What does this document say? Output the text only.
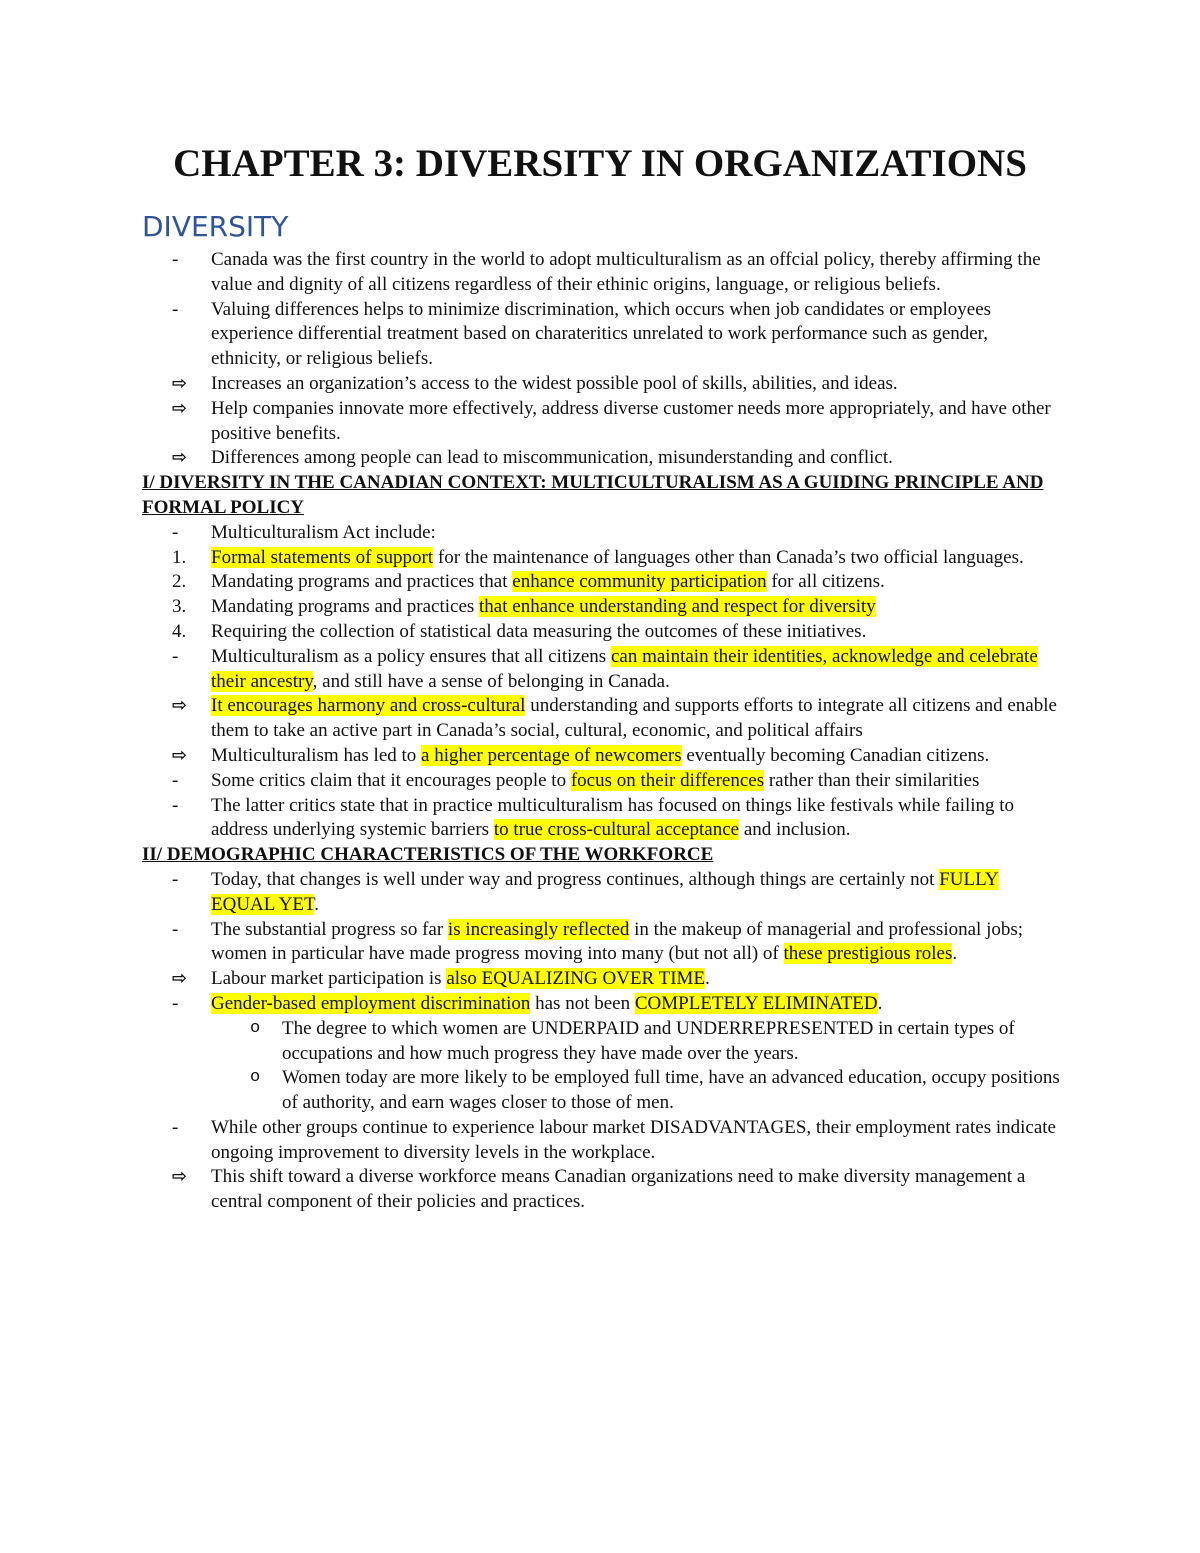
CHAPTER 3: DIVERSITY IN ORGANIZATIONS
DIVERSITY
-	Canada was the first country in the world to adopt multiculturalism as an offcial policy, thereby affirming the value and dignity of all citizens regardless of their ethinic origins, language, or religious beliefs.
-	Valuing differences helps to minimize discrimination, which occurs when job candidates or employees experience differential treatment based on charateritics unrelated to work performance such as gender, ethnicity, or religious beliefs.
⇨	Increases an organization’s access to the widest possible pool of skills, abilities, and ideas.
⇨	Help companies innovate more effectively, address diverse customer needs more appropriately, and have other positive benefits.
⇨	Differences among people can lead to miscommunication, misunderstanding and conflict.
I/ DIVERSITY IN THE CANADIAN CONTEXT: MULTICULTURALISM AS A GUIDING PRINCIPLE AND FORMAL POLICY
-	Multiculturalism Act include:
1.	Formal statements of support for the maintenance of languages other than Canada’s two official languages.
2.	Mandating programs and practices that enhance community participation for all citizens.
3.	Mandating programs and practices that enhance understanding and respect for diversity
4.	Requiring the collection of statistical data measuring the outcomes of these initiatives.
-	Multiculturalism as a policy ensures that all citizens can maintain their identities, acknowledge and celebrate their ancestry, and still have a sense of belonging in Canada.
⇨	It encourages harmony and cross-cultural understanding and supports efforts to integrate all citizens and enable them to take an active part in Canada’s social, cultural, economic, and political affairs
⇨	Multiculturalism has led to a higher percentage of newcomers eventually becoming Canadian citizens.
-	Some critics claim that it encourages people to focus on their differences rather than their similarities
-	The latter critics state that in practice multiculturalism has focused on things like festivals while failing to address underlying systemic barriers to true cross-cultural acceptance and inclusion.
II/ DEMOGRAPHIC CHARACTERISTICS OF THE WORKFORCE
-	Today, that changes is well under way and progress continues, although things are certainly not FULLY EQUAL YET.
-	The substantial progress so far is increasingly reflected in the makeup of managerial and professional jobs; women in particular have made progress moving into many (but not all) of these prestigious roles.
⇨	Labour market participation is also EQUALIZING OVER TIME.
-	Gender-based employment discrimination has not been COMPLETELY ELIMINATED.
o	The degree to which women are UNDERPAID and UNDERREPRESENTED in certain types of occupations and how much progress they have made over the years.
o	Women today are more likely to be employed full time, have an advanced education, occupy positions of authority, and earn wages closer to those of men.
-	While other groups continue to experience labour market DISADVANTAGES, their employment rates indicate ongoing improvement to diversity levels in the workplace.
⇨	This shift toward a diverse workforce means Canadian organizations need to make diversity management a central component of their policies and practices.
